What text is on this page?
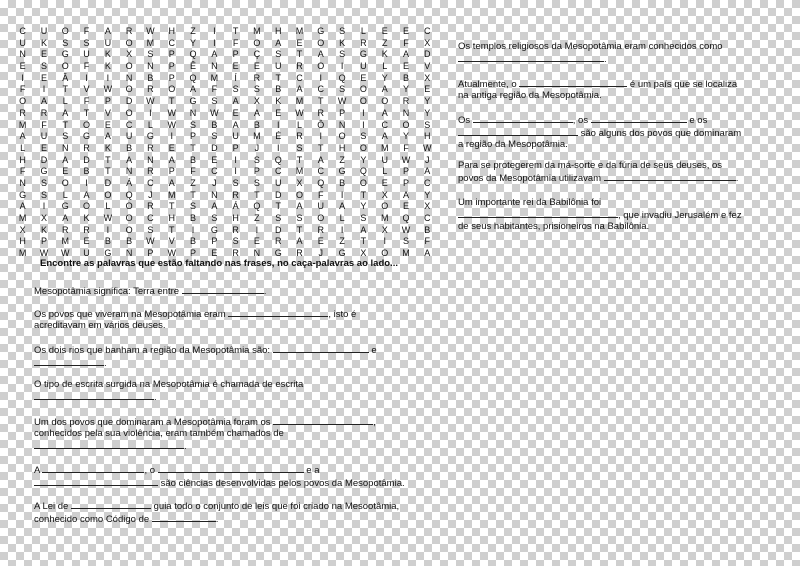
C	U	O	F	A	R	W	H	Z	I	T	M	H	M	G	S	L	E	E	C
U	K	S	S	U	O	M	C	Y	I	F	O	A	E	O	K	R	Z	F	X
N	E	G	U	K	X	S	P	Q	A	P	Ç	S	T	A	S	G	K	A	D
E	S	O	F	K	O	N	P	Ê	N	E	E	U	R	O	I	U	L	E	V
I	E	Â	I	I	N	B	P	Q	M	Í	R	T	C	I	Q	E	Y	B	X
F	I	T	V	W	O	R	O	A	F	S	S	B	A	C	S	O	A	Y	E
O	A	L	F	P	D	W	T	G	S	A	X	K	M	T	W	O	O	R	Y
R	R	A	T	V	O	I	W	N	W	E	A	E	W	R	P	I	A	N	Y
M	F	T	O	E	C	L	W	S	B	A	B	I	L	Ô	N	I	C	O	S
A	U	S	G	A	U	G	I	P	S	U	M	É	R	I	O	S	A	Y	H
L	E	N	R	K	B	R	E	T	D	P	J	I	S	T	H	O	M	F	W
H	D	A	D	T	A	N	A	B	E	I	S	Q	T	A	Z	Y	U	W	J
F	G	E	B	T	N	R	P	F	C	I	P	C	M	C	G	Q	L	P	A
N	S	O	I	D	Á	C	A	Z	J	S	S	U	X	Q	B	O	E	P	C
G	S	L	A	O	Q	J	M	T	N	R	T	D	O	F	I	T	X	A	Y
A	I	G	O	L	O	R	T	S	A	Á	Q	T	A	U	A	Y	O	E	X
M	X	A	K	W	O	C	H	B	S	H	Z	S	S	O	L	S	M	Q	C
X	K	R	R	I	O	S	T	I	G	R	I	D	T	R	I	A	X	W	B
H	P	M	E	B	B	W	V	B	P	S	E	R	A	E	Z	T	I	S	F
M	W	W	U	G	N	P	W	P	E	R	N	G	R	J	G	X	O	M	A
Encontre as palavras que estão faltando nas frases, no caça-palavras ao lado...
Mesopotâmia significa: Terra entre	.
Os povos que viveram na Mesopotâmia eram	, isto é
acreditavam em vários deuses.
Os dois rios que banham a região da Mesopotâmia são:	e
.
O tipo de escrita surgida na Mesopotâmia é chamada de escrita
.
Um dos povos que dominaram a Mesopotâmia foram os	,
conhecidos pela sua violência, eram também chamados de
.
A	, o	e a
são ciências desenvolvidas pelos povos da Mesopotâmia.
A Lei de	guia todo o conjunto de leis que foi criado na Mesootâmia,
conhecido como Código de	.
Os templos religiosos da Mesopotâmia eram conhecidos como
.
Atualmente, o	é um país que se localiza
na antiga região da Mesopotâmia.
Os	, os	e os
são alguns dos povos que dominaram
a região da Mesopotâmia.
Para se protegerem da má-sorte e da fúria de seus deuses, os
povos da Mesopotâmia utilizavam	.
Um importante rei da Babilônia foi
, que invadiu Jerusalém e fez
de seus habitantes, prisioneiros na Babilônia.
